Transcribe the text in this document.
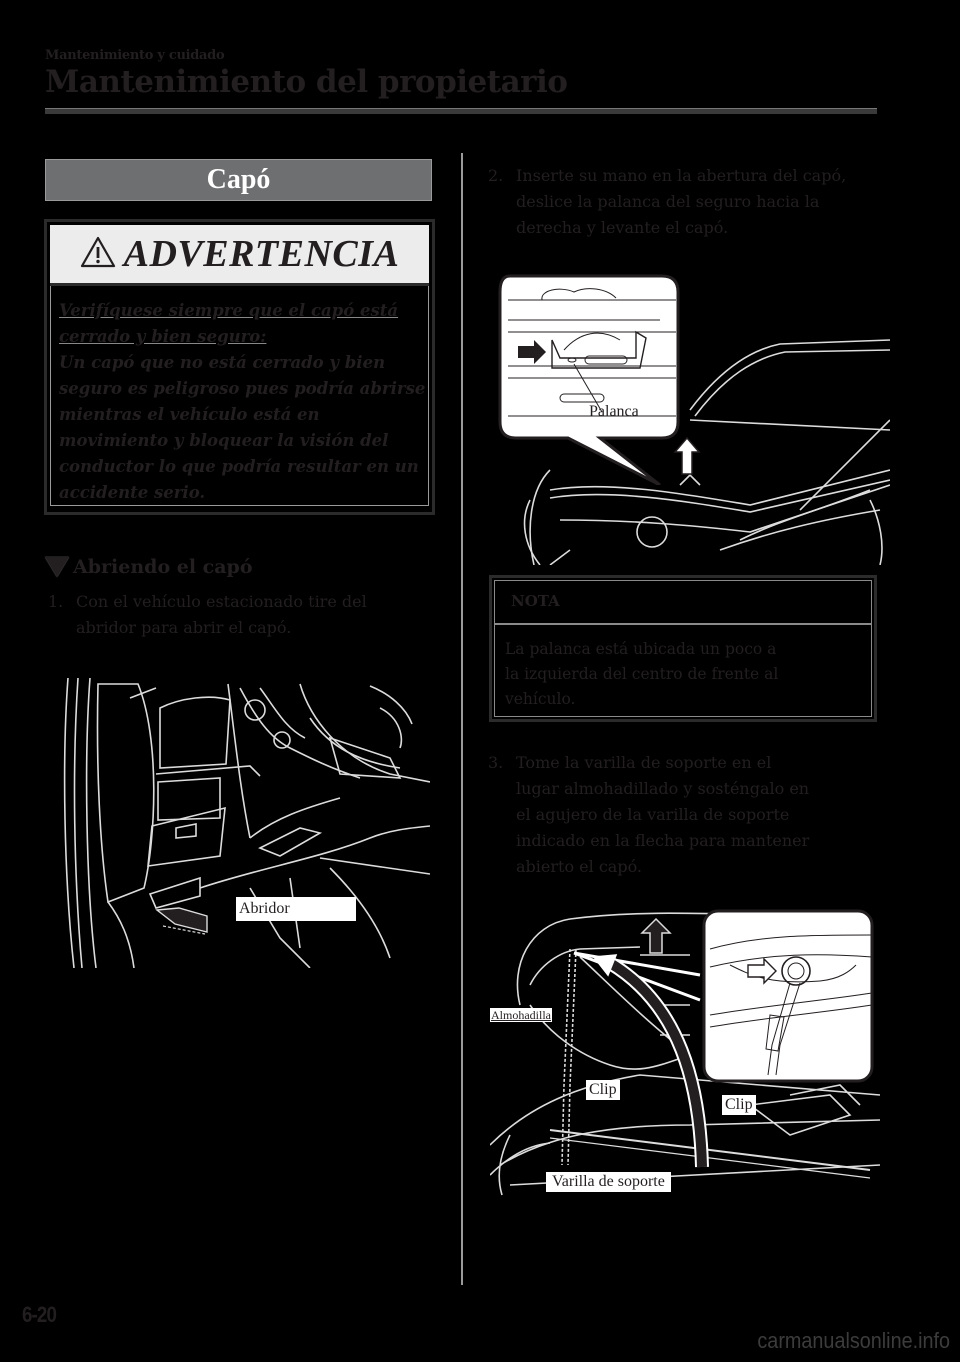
Mantenimiento y cuidado
Mantenimiento del propietario
Capó
ADVERTENCIA
Verifíquese siempre que el capó está
cerrado y bien seguro:
Un capó que no está cerrado y bien seguro es peligroso pues podría abrirse mientras el vehículo está en movimiento y bloquear la visión del conductor lo que podría resultar en un accidente serio.
Abriendo el capó
1. Con el vehículo estacionado tire del
abridor para abrir el capó.
Abridor
2. Inserte su mano en la abertura del capó,
deslice la palanca del seguro hacia la
derecha y levante el capó.
Palanca
NOTA
La palanca está ubicada un poco a
la izquierda del centro de frente al
vehículo.
3. Tome la varilla de soporte en el
lugar almohadillado y sosténgalo en
el agujero de la varilla de soporte
indicado en la flecha para mantener
abierto el capó.
Almohadilla
Clip
Clip
Varilla de soporte
6-20
carmanualsonline.info
